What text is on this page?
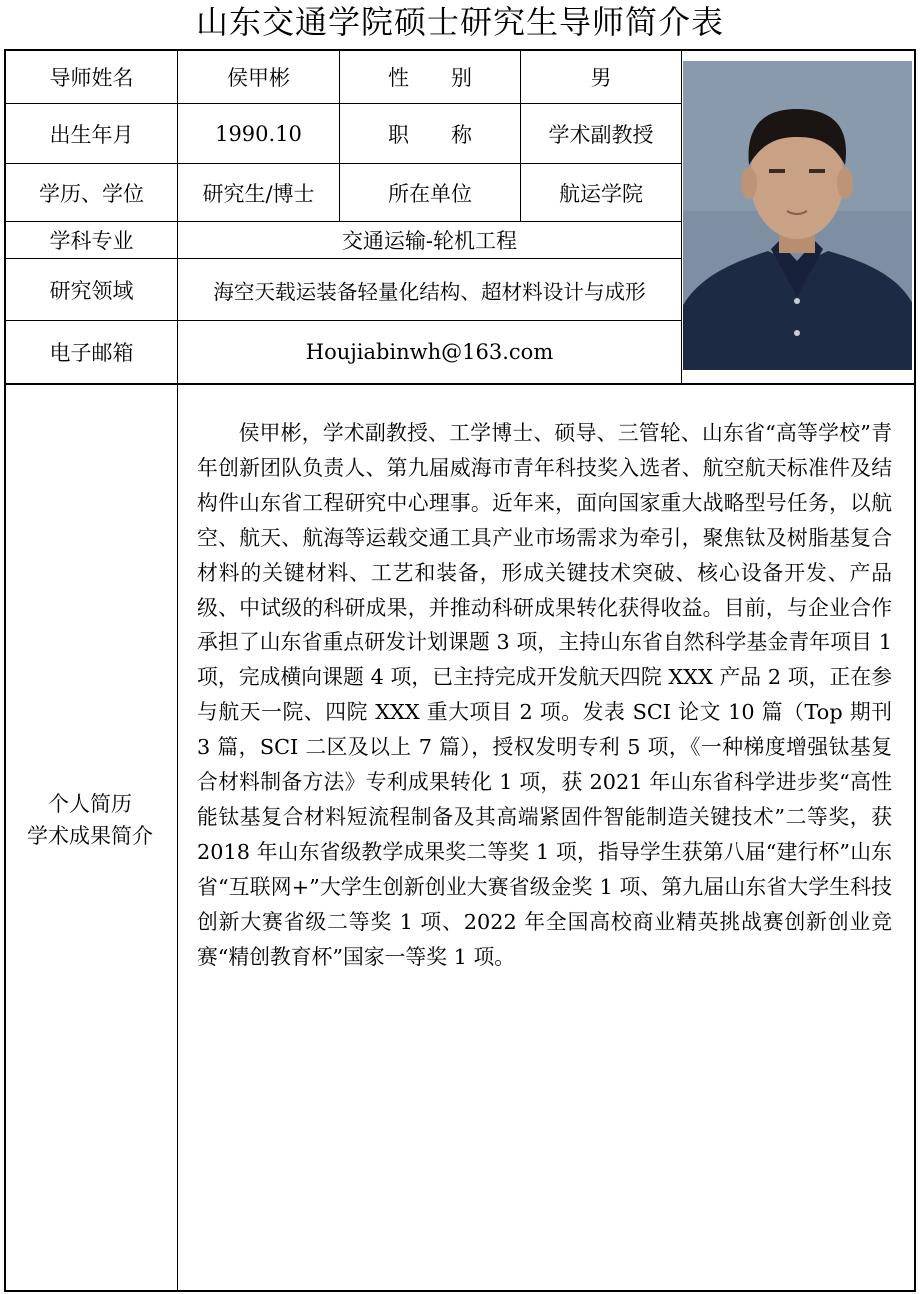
山东交通学院硕士研究生导师简介表
导师姓名	侯甲彬	性　　别	男
出生年月	1990.10	职　　称	学术副教授
学历、学位	研究生/博士	所在单位	航运学院
学科专业	交通运输-轮机工程
研究领域	海空天载运装备轻量化结构、超材料设计与成形
电子邮箱	Houjiabinwh@163.com
个人简历
学术成果简介

侯甲彬，学术副教授、工学博士、硕导、三管轮、山东省“高等学校”青年创新团队负责人、第九届威海市青年科技奖入选者、航空航天标准件及结构件山东省工程研究中心理事。近年来，面向国家重大战略型号任务，以航空、航天、航海等运载交通工具产业市场需求为牵引，聚焦钛及树脂基复合材料的关键材料、工艺和装备，形成关键技术突破、核心设备开发、产品级、中试级的科研成果，并推动科研成果转化获得收益。目前，与企业合作承担了山东省重点研发计划课题 3 项，主持山东省自然科学基金青年项目 1 项，完成横向课题 4 项，已主持完成开发航天四院 XXX 产品 2 项，正在参与航天一院、四院 XXX 重大项目 2 项。发表 SCI 论文 10 篇（Top 期刊 3 篇，SCI 二区及以上 7 篇），授权发明专利 5 项，《一种梯度增强钛基复合材料制备方法》专利成果转化 1 项，获 2021 年山东省科学进步奖“高性能钛基复合材料短流程制备及其高端紧固件智能制造关键技术”二等奖，获 2018 年山东省级教学成果奖二等奖 1 项，指导学生获第八届“建行杯”山东省“互联网+”大学生创新创业大赛省级金奖 1 项、第九届山东省大学生科技创新大赛省级二等奖 1 项、2022 年全国高校商业精英挑战赛创新创业竞赛“精创教育杯”国家一等奖 1 项。
